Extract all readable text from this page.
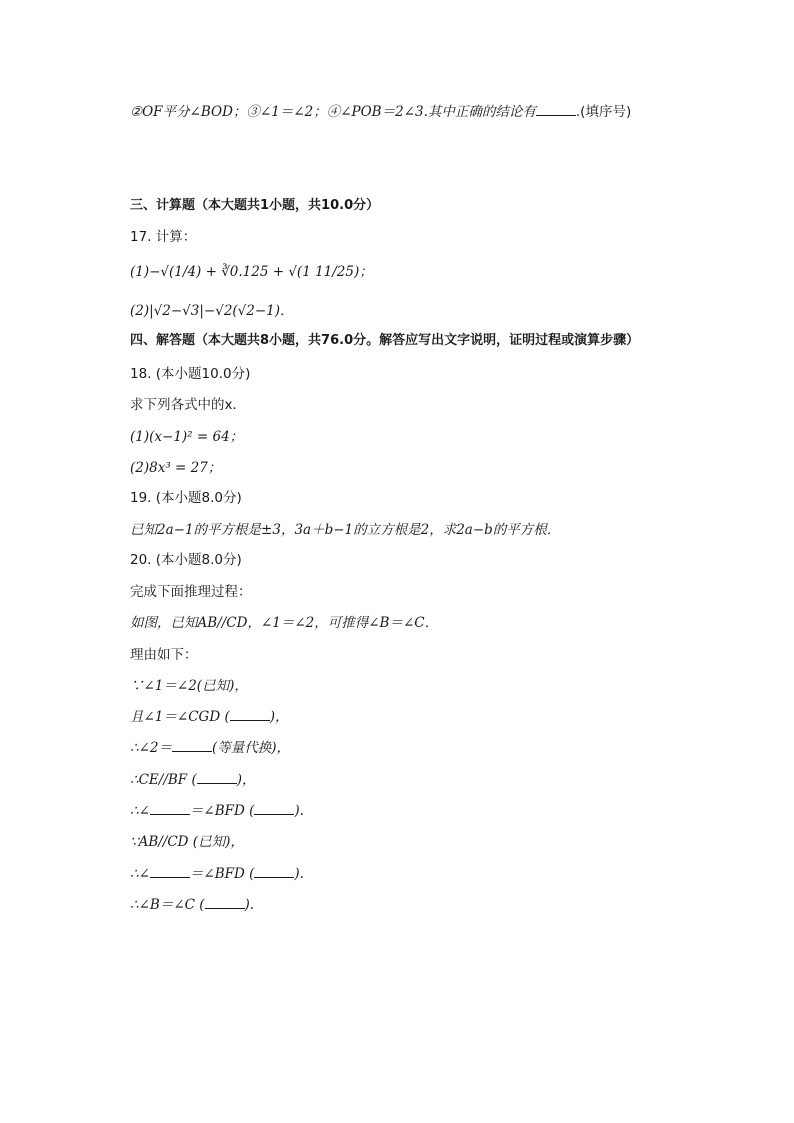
②OF平分∠BOD；③∠1＝∠2；④∠POB＝2∠3.其中正确的结论有	.(填序号)
三、计算题（本大题共1小题，共10.0分）
17. 计算：
(1)−√(1/4) + ∛0.125 + √(1 11/25)；
(2)|√2−√3|−√2(√2−1)．
四、解答题（本大题共8小题，共76.0分。解答应写出文字说明，证明过程或演算步骤）
18. (本小题10.0分)
求下列各式中的x．
(1)(x−1)² = 64；
(2)8x³ = 27；
19. (本小题8.0分)
已知2a−1的平方根是±3，3a＋b−1的立方根是2，求2a−b的平方根．
20. (本小题8.0分)
完成下面推理过程：
如图，已知AB//CD，∠1＝∠2，可推得∠B＝∠C．
理由如下：
∵∠1＝∠2(已知)，
且∠1＝∠CGD (	)，
∴∠2＝	(等量代换)，
∴CE//BF (	)，
∴∠	＝∠BFD (	).
∵AB//CD (已知)，
∴∠	＝∠BFD (	).
∴∠B＝∠C (	).
